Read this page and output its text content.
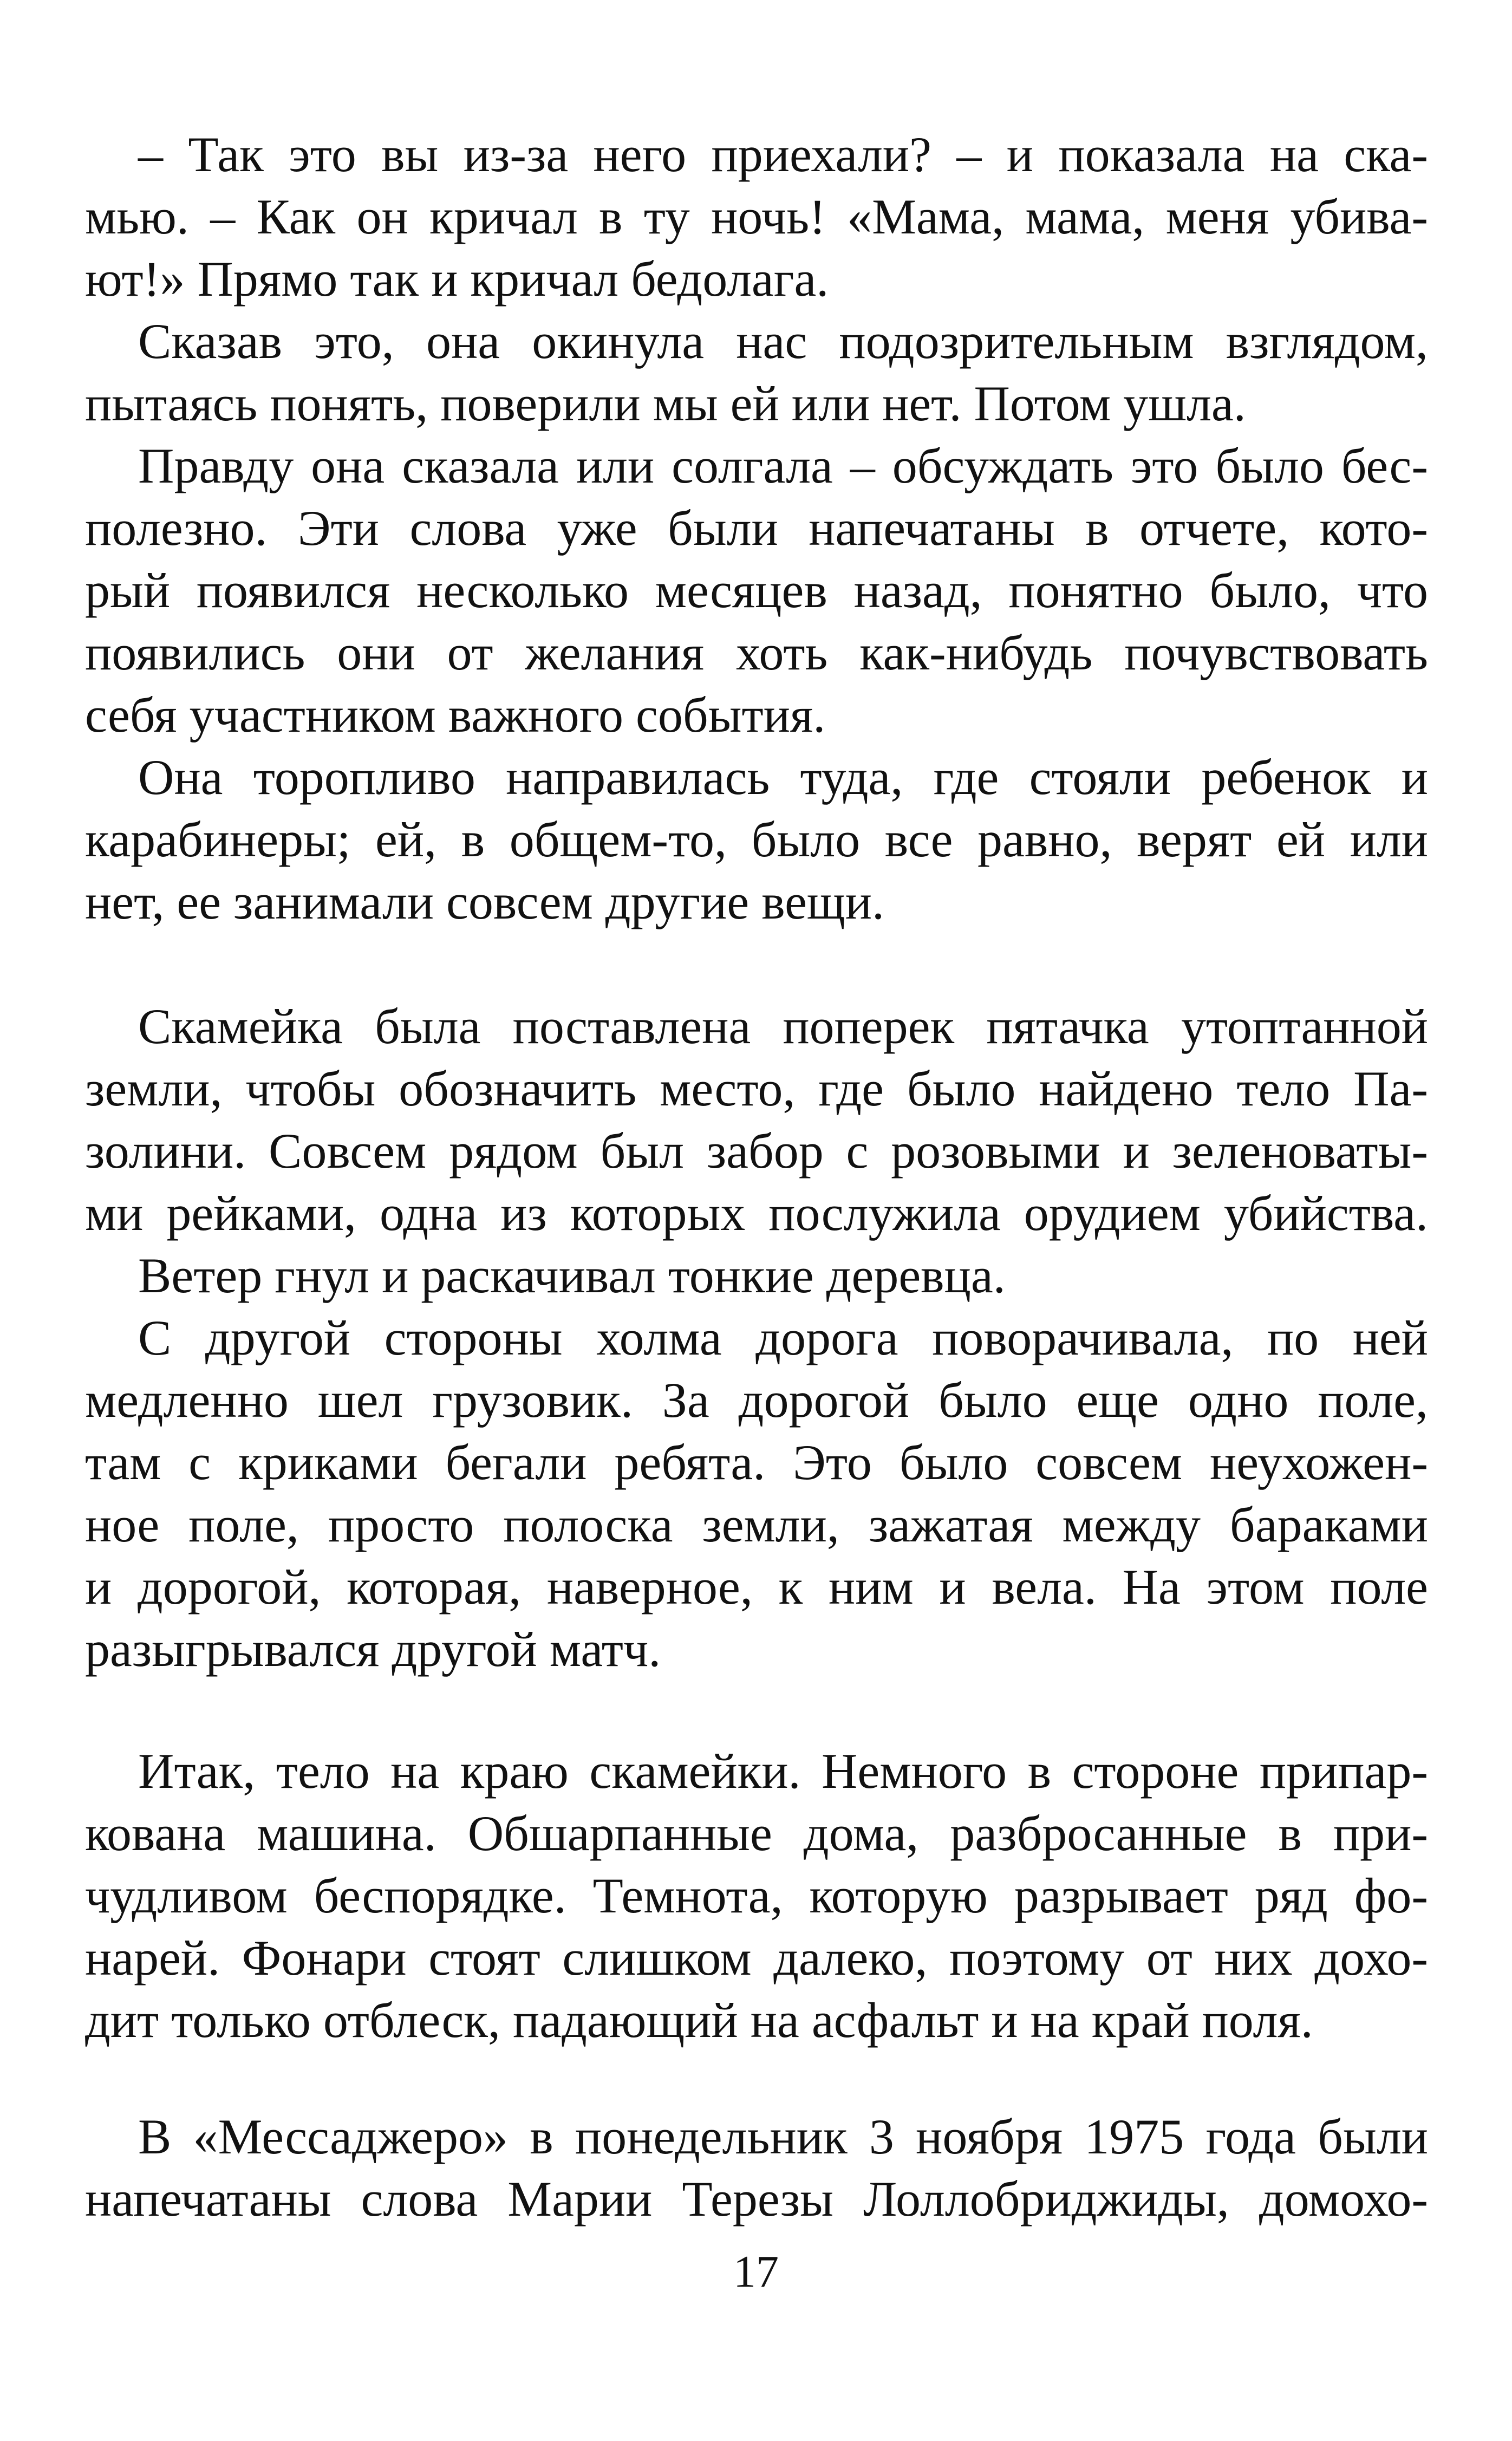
– Так это вы из-за него приехали? – и показала на ска-
мью. – Как он кричал в ту ночь! «Мама, мама, меня убива-
ют!» Прямо так и кричал бедолага.
Сказав это, она окинула нас подозрительным взглядом,
пытаясь понять, поверили мы ей или нет. Потом ушла.
Правду она сказала или солгала – обсуждать это было бес-
полезно. Эти слова уже были напечатаны в отчете, кото-
рый появился несколько месяцев назад, понятно было, что
появились они от желания хоть как-нибудь почувствовать
себя участником важного события.
Она торопливо направилась туда, где стояли ребенок и
карабинеры; ей, в общем-то, было все равно, верят ей или
нет, ее занимали совсем другие вещи.
Скамейка была поставлена поперек пятачка утоптанной
земли, чтобы обозначить место, где было найдено тело Па-
золини. Совсем рядом был забор с розовыми и зеленоваты-
ми рейками, одна из которых послужила орудием убийства.
Ветер гнул и раскачивал тонкие деревца.
С другой стороны холма дорога поворачивала, по ней
медленно шел грузовик. За дорогой было еще одно поле,
там с криками бегали ребята. Это было совсем неухожен-
ное поле, просто полоска земли, зажатая между бараками
и дорогой, которая, наверное, к ним и вела. На этом поле
разыгрывался другой матч.
Итак, тело на краю скамейки. Немного в стороне припар-
кована машина. Обшарпанные дома, разбросанные в при-
чудливом беспорядке. Темнота, которую разрывает ряд фо-
нарей. Фонари стоят слишком далеко, поэтому от них дохо-
дит только отблеск, падающий на асфальт и на край поля.
В «Мессаджеро» в понедельник 3 ноября 1975 года были
напечатаны слова Марии Терезы Лоллобриджиды, домохо-
17
